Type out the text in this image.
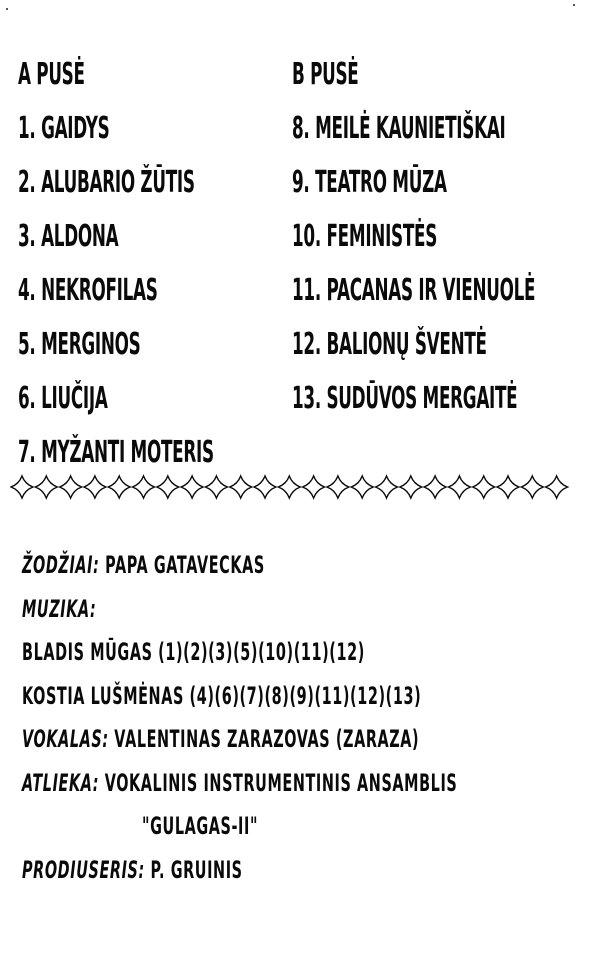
A PUSĖ
1. GAIDYS
2. ALUBARIO ŽŪTIS
3. ALDONA
4. NEKROFILAS
5. MERGINOS
6. LIUČIJA
7. MYŽANTI MOTERIS
B PUSĖ
8. MEILĖ KAUNIETIŠKAI
9. TEATRO MŪZA
10. FEMINISTĖS
11. PACANAS IR VIENUOLĖ
12. BALIONŲ ŠVENTĖ
13. SUDŪVOS MERGAITĖ
ŽODŽIAI: PAPA GATAVECKAS
MUZIKA:
BLADIS MŪGAS (1)(2)(3)(5)(10)(11)(12)
KOSTIA LUŠMĖNAS (4)(6)(7)(8)(9)(11)(12)(13)
VOKALAS: VALENTINAS ZARAZOVAS (ZARAZA)
ATLIEKA: VOKALINIS INSTRUMENTINIS ANSAMBLIS
"GULAGAS-II"
PRODIUSERIS: P. GRUINIS
